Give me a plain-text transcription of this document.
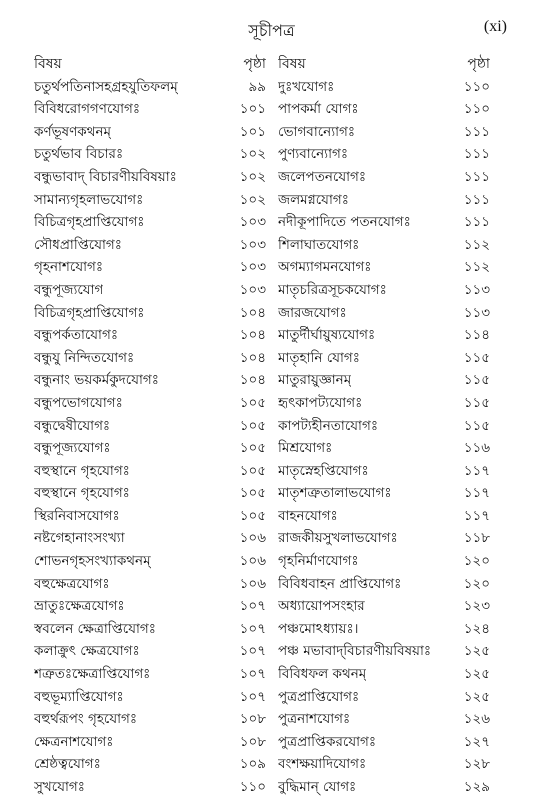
সূচীপত্র	(xi)
বিষয়	পৃষ্ঠা
চতুর্থপতিনাসহগ্রহযুতিফলম্	৯৯
বিবিধরোগগণযোগঃ	১০১
কর্ণভূষণকথনম্	১০১
চতুর্থভাব বিচারঃ	১০২
বন্ধুভাবাদ্ বিচারণীয়বিষয়াঃ	১০২
সামান্যগৃহলাভযোগঃ	১০২
বিচিত্রগৃহপ্রাপ্তিযোগঃ	১০৩
সৌধপ্রাপ্তিযোগঃ	১০৩
গৃহনাশযোগঃ	১০৩
বন্ধুপূজ্যযোগ	১০৩
বিচিত্রগৃহপ্রাপ্তিযোগঃ	১০৪
বন্ধুপর্কতাযোগঃ	১০৪
বন্ধুযু নিন্দিতযোগঃ	১০৪
বন্ধুনাং ভয়কর্মকুদযোগঃ	১০৪
বন্ধুপভোগযোগঃ	১০৫
বন্ধুদ্বেষীযোগঃ	১০৫
বন্ধুপূজ্যযোগঃ	১০৫
বহুস্থানে গৃহযোগঃ	১০৫
বহুস্থানে গৃহযোগঃ	১০৫
স্থিরনিবাসযোগঃ	১০৫
নষ্টগেহানাংসংখ্যা	১০৬
শোভনগৃহসংখ্যাকথনম্	১০৬
বহুক্ষেত্রযোগঃ	১০৬
ভ্রাতুঃক্ষেত্রযোগঃ	১০৭
স্ববলেন ক্ষেত্রাপ্তিযোগঃ	১০৭
কলাক্রুৎ ক্ষেত্রযোগঃ	১০৭
শত্রুতঃক্ষেত্রাপ্তিযোগঃ	১০৭
বহুভূম্যাপ্তিযোগঃ	১০৭
বহুর্থরূপং গৃহযোগঃ	১০৮
ক্ষেত্রনাশযোগঃ	১০৮
শ্রেষ্ঠত্বযোগঃ	১০৯
সুখযোগঃ	১১০
বিষয়	পৃষ্ঠা
দুঃখযোগঃ	১১০
পাপকর্মা যোগঃ	১১০
ভোগবান্যোগঃ	১১১
পুণ্যবান্যোগঃ	১১১
জলেপতনযোগঃ	১১১
জলমগ্নযোগঃ	১১১
নদীকূপাদিতে পতনযোগঃ	১১১
শিলাঘাতযোগঃ	১১২
অগম্যাগমনযোগঃ	১১২
মাতৃচরিত্রসূচকযোগঃ	১১৩
জারজযোগঃ	১১৩
মাতুর্দীর্ঘায়ুষ্যযোগঃ	১১৪
মাতৃহানি যোগঃ	১১৫
মাতুরায়ুজ্ঞানম্	১১৫
হৃৎকাপট্যযোগঃ	১১৫
কাপট্যহীনতাযোগঃ	১১৫
মিশ্রযোগঃ	১১৬
মাতৃস্নেহপ্তিযোগঃ	১১৭
মাতৃশত্রুতালাভযোগঃ	১১৭
বাহনযোগঃ	১১৭
রাজকীয়সুখলাভযোগঃ	১১৮
গৃহনির্মাণযোগঃ	১২০
বিবিধবাহন প্রাপ্তিযোগঃ	১২০
অধ্যায়োপসংহার	১২৩
পঞ্চমোঽধ্যায়ঃ।	১২৪
পঞ্চ মভাবাদ্‌বিচারণীয়বিষয়াঃ	১২৫
বিবিধফল কথনম্	১২৫
পুত্রপ্রাপ্তিযোগঃ	১২৫
পুত্রনাশযোগঃ	১২৬
পুত্রপ্রাপ্তিকরযোগঃ	১২৭
বংশক্ষয়াদিযোগঃ	১২৮
বুদ্ধিমান্ যোগঃ	১২৯
